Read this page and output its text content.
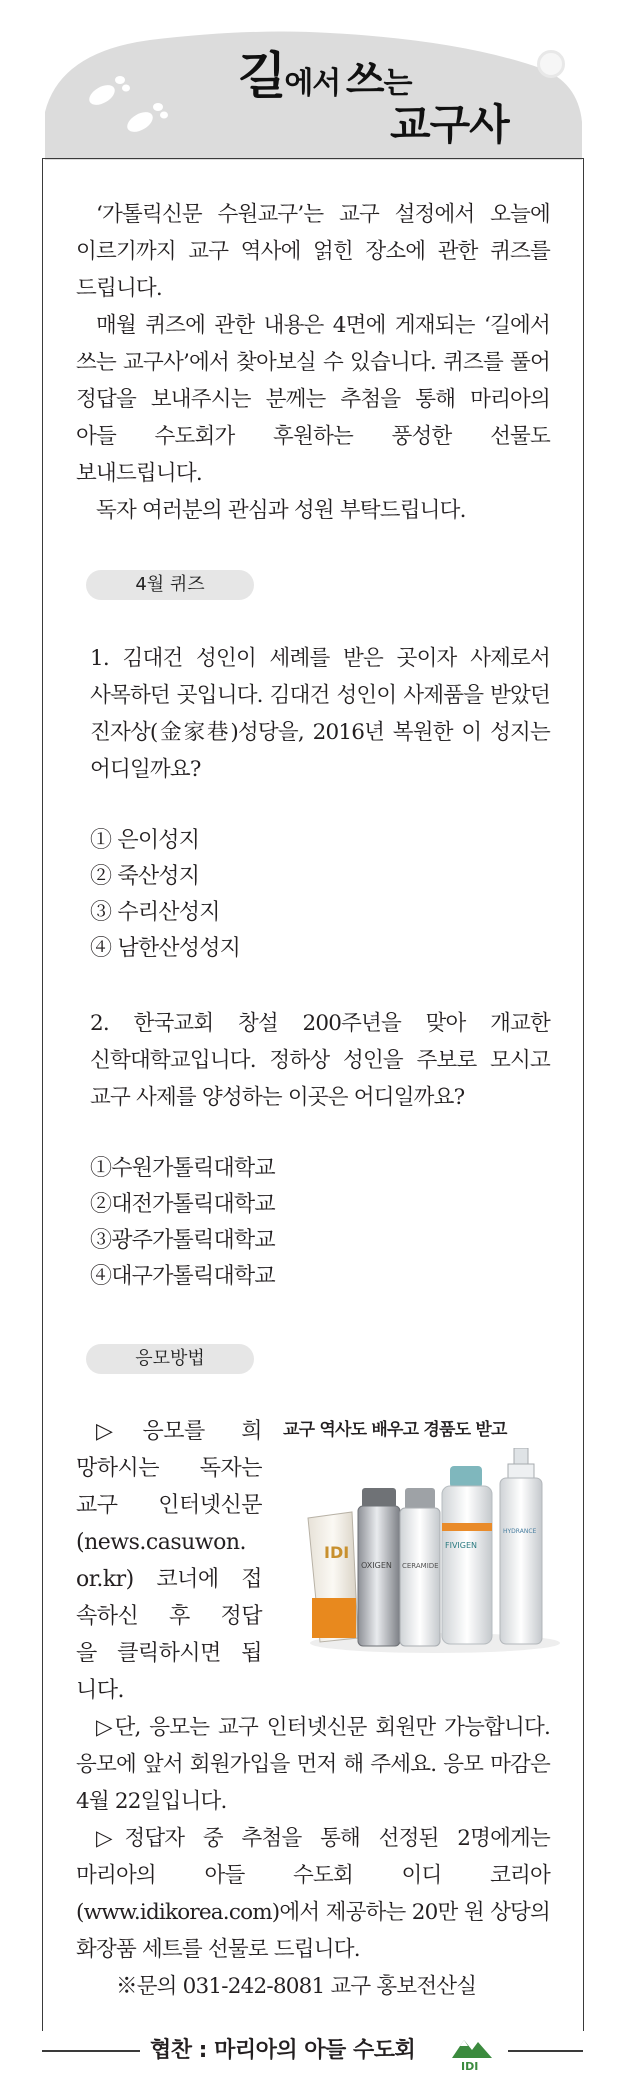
길에서 쓰는
교구사

‘가톨릭신문 수원교구’는 교구 설정에서 오늘에 이르기까지 교구 역사에 얽힌 장소에 관한 퀴즈를 드립니다.

매월 퀴즈에 관한 내용은 4면에 게재되는 ‘길에서 쓰는 교구사’에서 찾아보실 수 있습니다. 퀴즈를 풀어 정답을 보내주시는 분께는 추첨을 통해 마리아의 아들 수도회가 후원하는 풍성한 선물도 보내드립니다.

독자 여러분의 관심과 성원 부탁드립니다.

4월 퀴즈

1. 김대건 성인이 세례를 받은 곳이자 사제로서 사목하던 곳입니다. 김대건 성인이 사제품을 받았던 진자상(金家巷)성당을, 2016년 복원한 이 성지는 어디일까요?

① 은이성지

② 죽산성지

③ 수리산성지

④ 남한산성성지

2. 한국교회 창설 200주년을 맞아 개교한 신학대학교입니다. 정하상 성인을 주보로 모시고 교구 사제를 양성하는 이곳은 어디일까요?

①수원가톨릭대학교

②대전가톨릭대학교

③광주가톨릭대학교

④대구가톨릭대학교

응모방법

▷응모를 희

망하시는 독자는

교구 인터넷신문

(news.casuwon.

or.kr) 코너에 접

속하신 후 정답

을 클릭하시면 됩

니다.

교구 역사도 배우고 경품도 받고
IDI
OXIGEN CERAMIDE
FIVIGEN
HYDRANCE

▷단, 응모는 교구 인터넷신문 회원만 가능합니다. 응모에 앞서 회원가입을 먼저 해 주세요. 응모 마감은 4월 22일입니다.

▷정답자 중 추첨을 통해 선정된 2명에게는 마리아의 아들 수도회 이디 코리아(www.idikorea.com)에서 제공하는 20만 원 상당의 화장품 세트를 선물로 드립니다.

※문의 031-242-8081 교구 홍보전산실

협찬 : 마리아의 아들 수도회
IDI
